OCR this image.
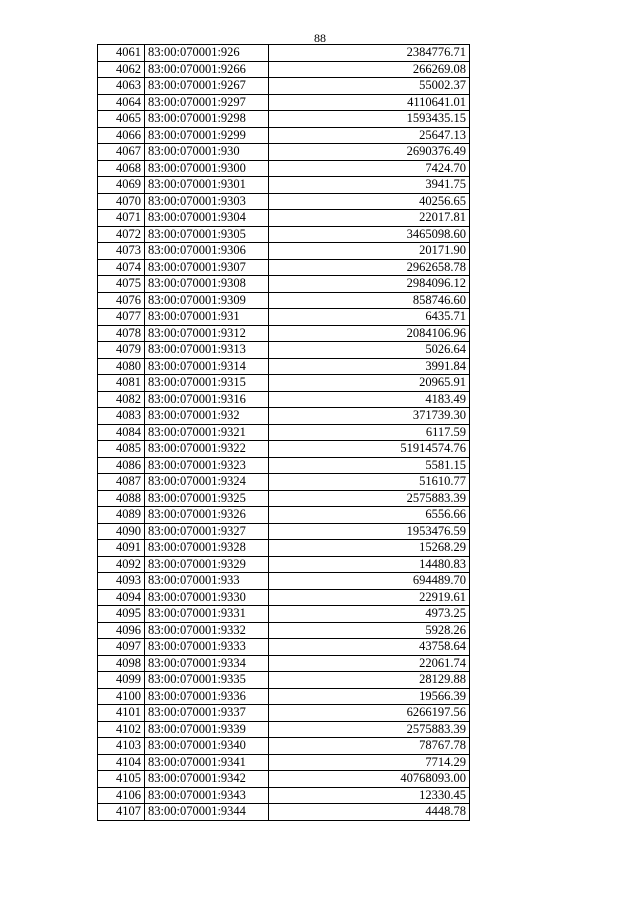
88
4061	83:00:070001:926	2384776.71
4062	83:00:070001:9266	266269.08
4063	83:00:070001:9267	55002.37
4064	83:00:070001:9297	4110641.01
4065	83:00:070001:9298	1593435.15
4066	83:00:070001:9299	25647.13
4067	83:00:070001:930	2690376.49
4068	83:00:070001:9300	7424.70
4069	83:00:070001:9301	3941.75
4070	83:00:070001:9303	40256.65
4071	83:00:070001:9304	22017.81
4072	83:00:070001:9305	3465098.60
4073	83:00:070001:9306	20171.90
4074	83:00:070001:9307	2962658.78
4075	83:00:070001:9308	2984096.12
4076	83:00:070001:9309	858746.60
4077	83:00:070001:931	6435.71
4078	83:00:070001:9312	2084106.96
4079	83:00:070001:9313	5026.64
4080	83:00:070001:9314	3991.84
4081	83:00:070001:9315	20965.91
4082	83:00:070001:9316	4183.49
4083	83:00:070001:932	371739.30
4084	83:00:070001:9321	6117.59
4085	83:00:070001:9322	51914574.76
4086	83:00:070001:9323	5581.15
4087	83:00:070001:9324	51610.77
4088	83:00:070001:9325	2575883.39
4089	83:00:070001:9326	6556.66
4090	83:00:070001:9327	1953476.59
4091	83:00:070001:9328	15268.29
4092	83:00:070001:9329	14480.83
4093	83:00:070001:933	694489.70
4094	83:00:070001:9330	22919.61
4095	83:00:070001:9331	4973.25
4096	83:00:070001:9332	5928.26
4097	83:00:070001:9333	43758.64
4098	83:00:070001:9334	22061.74
4099	83:00:070001:9335	28129.88
4100	83:00:070001:9336	19566.39
4101	83:00:070001:9337	6266197.56
4102	83:00:070001:9339	2575883.39
4103	83:00:070001:9340	78767.78
4104	83:00:070001:9341	7714.29
4105	83:00:070001:9342	40768093.00
4106	83:00:070001:9343	12330.45
4107	83:00:070001:9344	4448.78
